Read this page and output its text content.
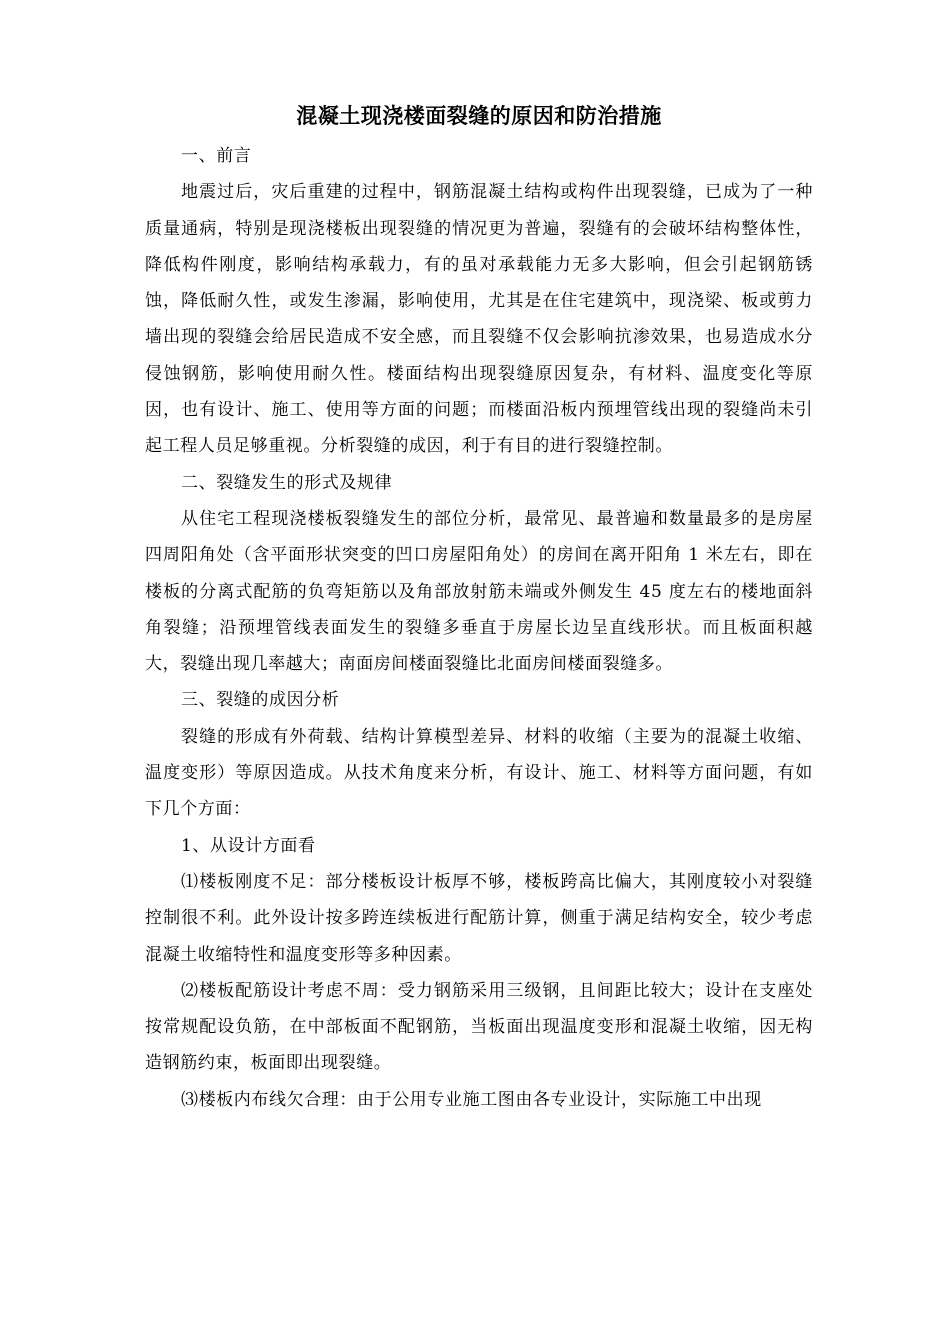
混凝土现浇楼面裂缝的原因和防治措施

一、前言

地震过后，灾后重建的过程中，钢筋混凝土结构或构件出现裂缝，已成为了一种质量通病，特别是现浇楼板出现裂缝的情况更为普遍，裂缝有的会破坏结构整体性，降低构件刚度，影响结构承载力，有的虽对承载能力无多大影响，但会引起钢筋锈蚀，降低耐久性，或发生渗漏，影响使用，尤其是在住宅建筑中，现浇梁、板或剪力墙出现的裂缝会给居民造成不安全感，而且裂缝不仅会影响抗渗效果，也易造成水分侵蚀钢筋，影响使用耐久性。楼面结构出现裂缝原因复杂，有材料、温度变化等原因，也有设计、施工、使用等方面的问题；而楼面沿板内预埋管线出现的裂缝尚未引起工程人员足够重视。分析裂缝的成因，利于有目的进行裂缝控制。

二、裂缝发生的形式及规律

从住宅工程现浇楼板裂缝发生的部位分析，最常见、最普遍和数量最多的是房屋四周阳角处（含平面形状突变的凹口房屋阳角处）的房间在离开阳角 1 米左右，即在楼板的分离式配筋的负弯矩筋以及角部放射筋未端或外侧发生 45 度左右的楼地面斜角裂缝；沿预埋管线表面发生的裂缝多垂直于房屋长边呈直线形状。而且板面积越大，裂缝出现几率越大；南面房间楼面裂缝比北面房间楼面裂缝多。

三、裂缝的成因分析

裂缝的形成有外荷载、结构计算模型差异、材料的收缩（主要为的混凝土收缩、温度变形）等原因造成。从技术角度来分析，有设计、施工、材料等方面问题，有如下几个方面：

1、从设计方面看

⑴楼板刚度不足：部分楼板设计板厚不够，楼板跨高比偏大，其刚度较小对裂缝控制很不利。此外设计按多跨连续板进行配筋计算，侧重于满足结构安全，较少考虑混凝土收缩特性和温度变形等多种因素。

⑵楼板配筋设计考虑不周：受力钢筋采用三级钢，且间距比较大；设计在支座处按常规配设负筋，在中部板面不配钢筋，当板面出现温度变形和混凝土收缩，因无构造钢筋约束，板面即出现裂缝。

⑶楼板内布线欠合理：由于公用专业施工图由各专业设计，实际施工中出现
